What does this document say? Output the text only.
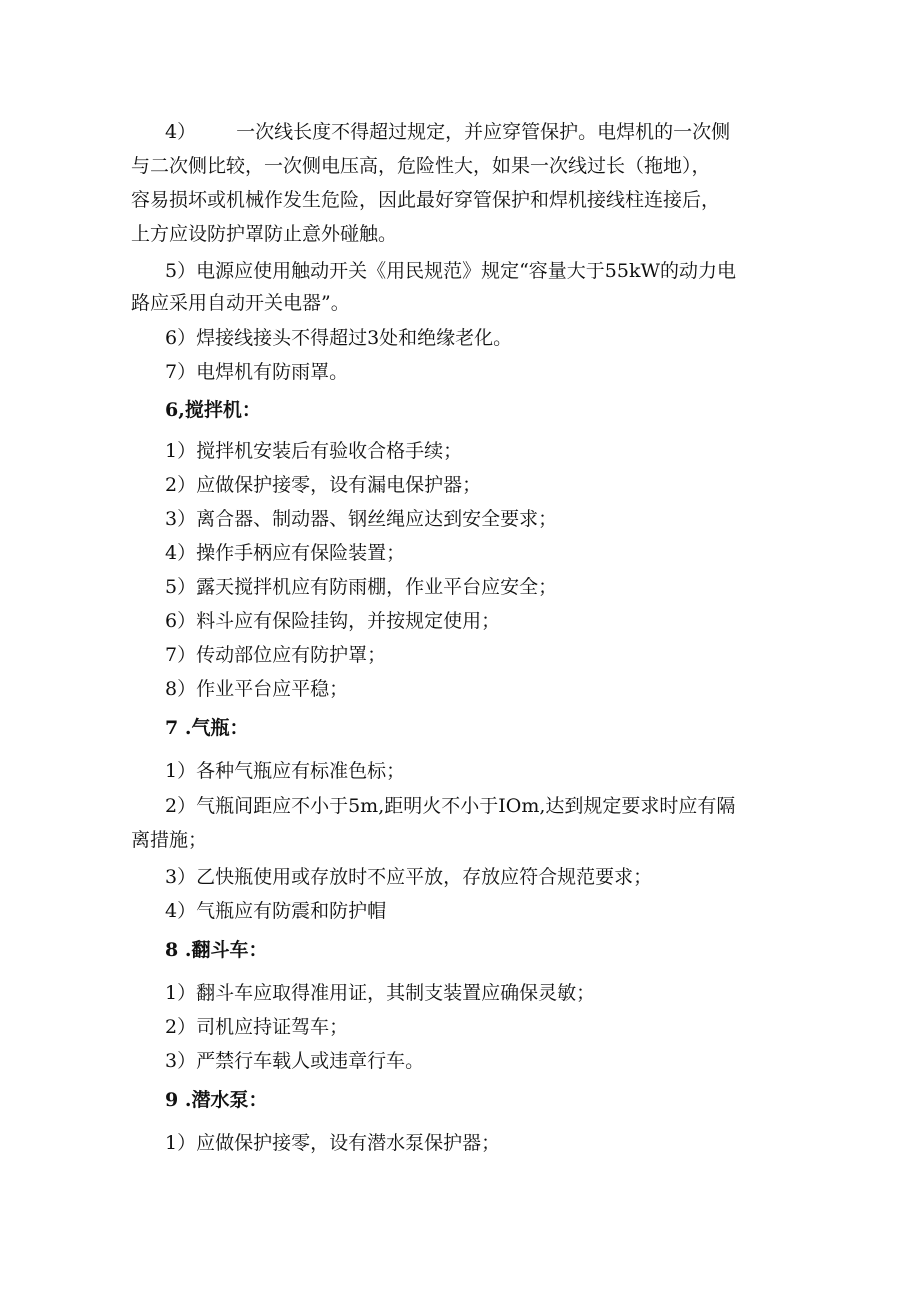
4） 一次线长度不得超过规定，并应穿管保护。电焊机的一次侧
与二次侧比较，一次侧电压高，危险性大，如果一次线过长（拖地），
容易损坏或机械作发生危险，因此最好穿管保护和焊机接线柱连接后，
上方应设防护罩防止意外碰触。
5）电源应使用触动开关《用民规范》规定“容量大于55kW的动力电
路应采用自动开关电器”。
6）焊接线接头不得超过3处和绝缘老化。
7）电焊机有防雨罩。
6,搅拌机：
1）搅拌机安装后有验收合格手续；
2）应做保护接零，设有漏电保护器；
3）离合器、制动器、钢丝绳应达到安全要求；
4）操作手柄应有保险装置；
5）露天搅拌机应有防雨棚，作业平台应安全；
6）料斗应有保险挂钩，并按规定使用；
7）传动部位应有防护罩；
8）作业平台应平稳；
7 .气瓶：
1）各种气瓶应有标准色标；
2）气瓶间距应不小于5m,距明火不小于IOm,达到规定要求时应有隔
离措施；
3）乙快瓶使用或存放时不应平放，存放应符合规范要求；
4）气瓶应有防震和防护帽
8 .翻斗车：
1）翻斗车应取得准用证，其制支装置应确保灵敏；
2）司机应持证驾车；
3）严禁行车载人或违章行车。
9 .潜水泵：
1）应做保护接零，设有潜水泵保护器；
